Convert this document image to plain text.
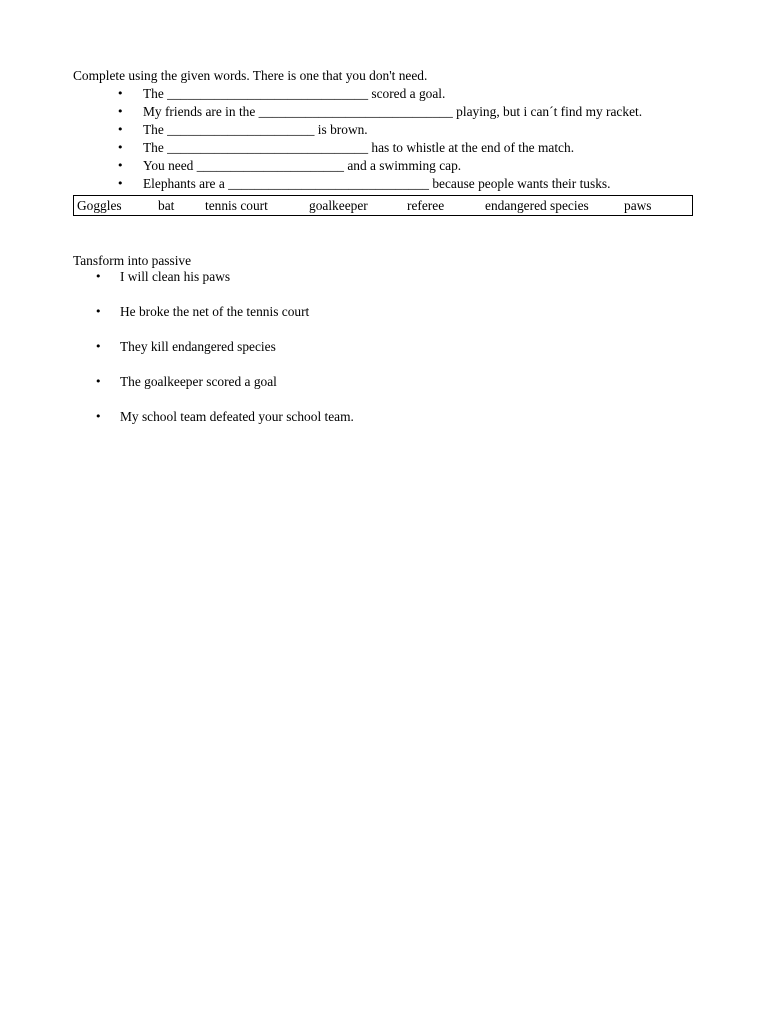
Complete using the given words. There is one that you don't need.
• The ______________________________ scored a goal.
• My friends are in the _____________________________ playing, but i can´t find my racket.
• The ______________________ is brown.
• The ______________________________ has to whistle at the end of the match.
• You need ______________________ and a swimming cap.
• Elephants are a ______________________________ because people wants their tusks.
Goggles	bat tennis court	goalkeeper	referee	endangered species	paws
Tansform into passive
• I will clean his paws
• He broke the net of the tennis court
• They kill endangered species
• The goalkeeper scored a goal
• My school team defeated your school team.
